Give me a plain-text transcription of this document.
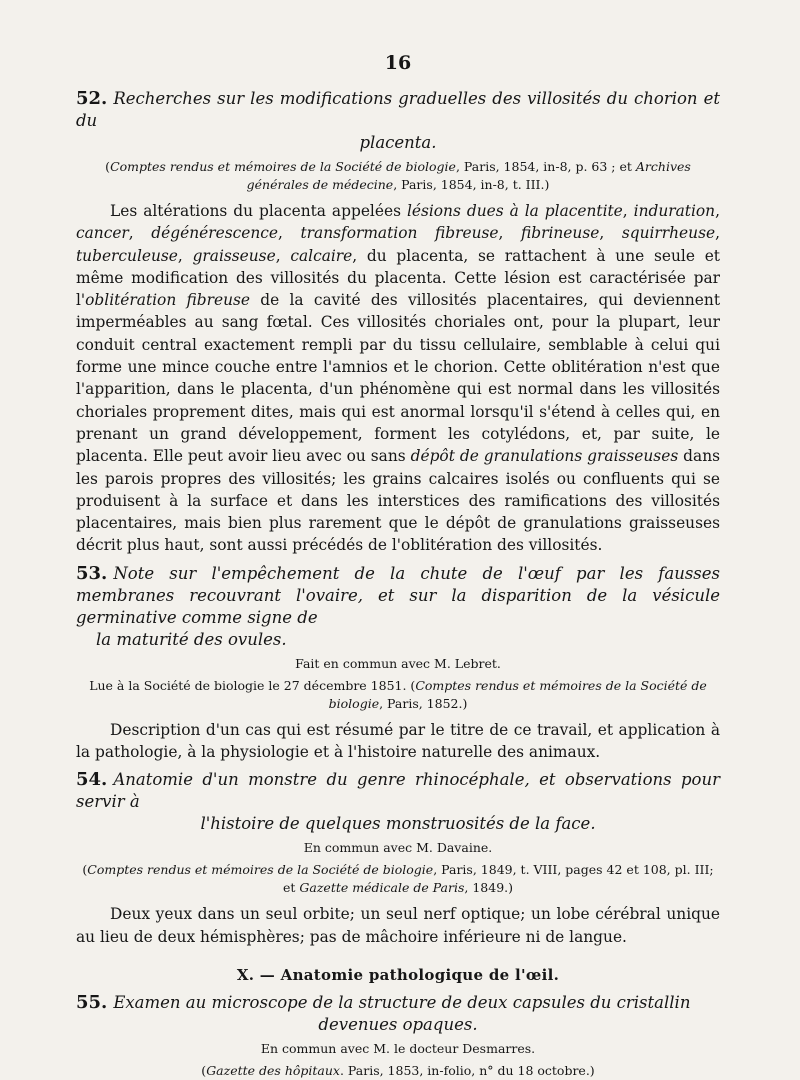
16
52. Recherches sur les modifications graduelles des villosités du chorion et du
placenta.
(Comptes rendus et mémoires de la Société de biologie, Paris, 1854, in-8, p. 63 ; et Archives générales de médecine, Paris, 1854, in-8, t. III.)

Les altérations du placenta appelées lésions dues à la placentite, induration, cancer, dégénérescence, transformation fibreuse, fibrineuse, squirrheuse, tuberculeuse, graisseuse, calcaire, du placenta, se rattachent à une seule et même modification des villosités du placenta. Cette lésion est caractérisée par l'oblitération fibreuse de la cavité des villosités placentaires, qui deviennent imperméables au sang fœtal. Ces villosités choriales ont, pour la plupart, leur conduit central exactement rempli par du tissu cellulaire, semblable à celui qui forme une mince couche entre l'amnios et le chorion. Cette oblitération n'est que l'apparition, dans le placenta, d'un phénomène qui est normal dans les villosités choriales proprement dites, mais qui est anormal lorsqu'il s'étend à celles qui, en prenant un grand développement, forment les cotylédons, et, par suite, le placenta. Elle peut avoir lieu avec ou sans dépôt de granulations graisseuses dans les parois propres des villosités; les grains calcaires isolés ou confluents qui se produisent à la surface et dans les interstices des ramifications des villosités placentaires, mais bien plus rarement que le dépôt de granulations graisseuses décrit plus haut, sont aussi précédés de l'oblitération des villosités.

53. Note sur l'empêchement de la chute de l'œuf par les fausses membranes recouvrant l'ovaire, et sur la disparition de la vésicule germinative comme signe de
la maturité des ovules.
Fait en commun avec M. Lebret.
Lue à la Société de biologie le 27 décembre 1851. (Comptes rendus et mémoires de la Société de biologie, Paris, 1852.)

Description d'un cas qui est résumé par le titre de ce travail, et application à la pathologie, à la physiologie et à l'histoire naturelle des animaux.

54. Anatomie d'un monstre du genre rhinocéphale, et observations pour servir à
l'histoire de quelques monstruosités de la face.
En commun avec M. Davaine.
(Comptes rendus et mémoires de la Société de biologie, Paris, 1849, t. VIII, pages 42 et 108, pl. III; et Gazette médicale de Paris, 1849.)

Deux yeux dans un seul orbite; un seul nerf optique; un lobe cérébral unique au lieu de deux hémisphères; pas de mâchoire inférieure ni de langue.

X. — Anatomie pathologique de l'œil.
55. Examen au microscope de la structure de deux capsules du cristallin
devenues opaques.
En commun avec M. le docteur Desmarres.
(Gazette des hôpitaux. Paris, 1853, in-folio, n° du 18 octobre.)
